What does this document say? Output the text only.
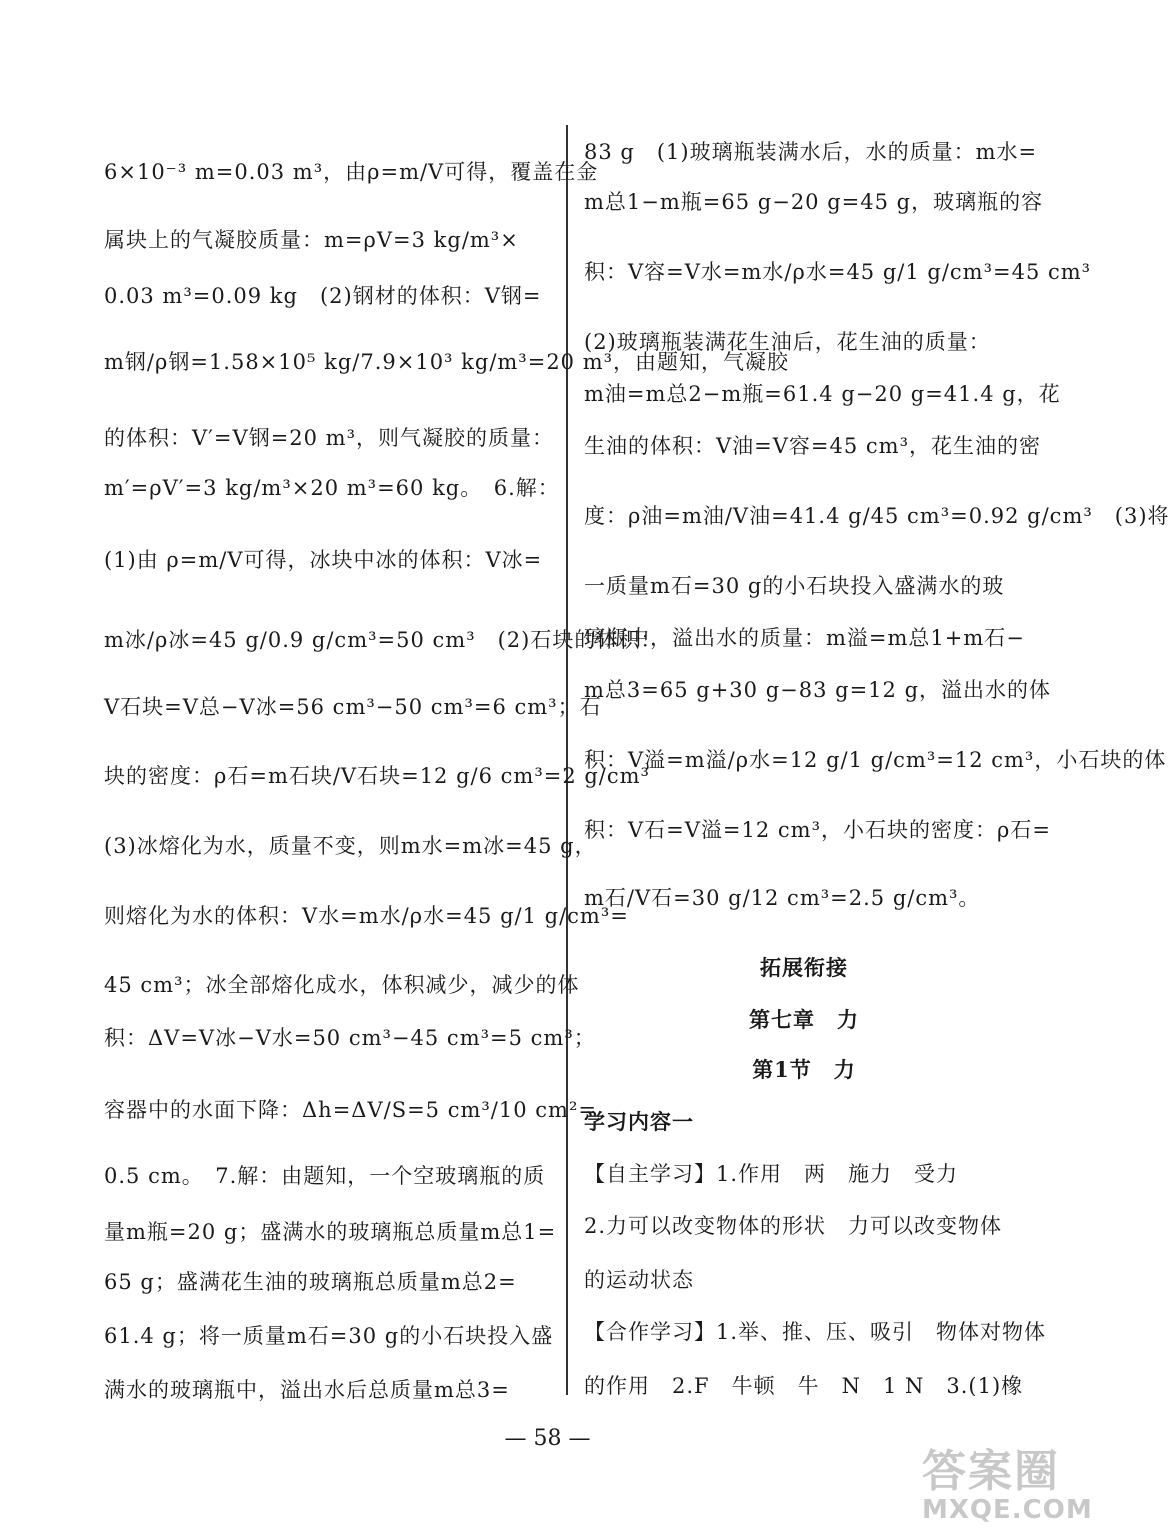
6×10⁻³ m=0.03 m³，由ρ=m/V可得，覆盖在金
属块上的气凝胶质量：m=ρV=3 kg/m³×
0.03 m³=0.09 kg　(2)钢材的体积：V钢=
m钢/ρ钢=1.58×10⁵ kg/7.9×10³ kg/m³=20 m³，由题知，气凝胶
的体积：V′=V钢=20 m³，则气凝胶的质量：
m′=ρV′=3 kg/m³×20 m³=60 kg。　6.解：
(1)由 ρ=m/V可得，冰块中冰的体积：V冰=
m冰/ρ冰=45 g/0.9 g/cm³=50 cm³　(2)石块的体积：
V石块=V总−V冰=56 cm³−50 cm³=6 cm³；石
块的密度：ρ石=m石块/V石块=12 g/6 cm³=2 g/cm³
(3)冰熔化为水，质量不变，则m水=m冰=45 g，
则熔化为水的体积：V水=m水/ρ水=45 g/1 g/cm³=
45 cm³；冰全部熔化成水，体积减少，减少的体
积：ΔV=V冰−V水=50 cm³−45 cm³=5 cm³；
容器中的水面下降：Δh=ΔV/S=5 cm³/10 cm²=
0.5 cm。　7.解：由题知，一个空玻璃瓶的质
量m瓶=20 g；盛满水的玻璃瓶总质量m总1=
65 g；盛满花生油的玻璃瓶总质量m总2=
61.4 g；将一质量m石=30 g的小石块投入盛
满水的玻璃瓶中，溢出水后总质量m总3=
83 g　(1)玻璃瓶装满水后，水的质量：m水=
m总1−m瓶=65 g−20 g=45 g，玻璃瓶的容
积：V容=V水=m水/ρ水=45 g/1 g/cm³=45 cm³
(2)玻璃瓶装满花生油后，花生油的质量：
m油=m总2−m瓶=61.4 g−20 g=41.4 g，花
生油的体积：V油=V容=45 cm³，花生油的密
度：ρ油=m油/V油=41.4 g/45 cm³=0.92 g/cm³　(3)将
一质量m石=30 g的小石块投入盛满水的玻
璃瓶中，溢出水的质量：m溢=m总1+m石−
m总3=65 g+30 g−83 g=12 g，溢出水的体
积：V溢=m溢/ρ水=12 g/1 g/cm³=12 cm³，小石块的体
积：V石=V溢=12 cm³，小石块的密度：ρ石=
m石/V石=30 g/12 cm³=2.5 g/cm³。
拓展衔接
第七章　力
第1节　力
学习内容一
【自主学习】1.作用　两　施力　受力
2.力可以改变物体的形状　力可以改变物体
的运动状态
【合作学习】1.举、推、压、吸引　物体对物体
的作用　2.F　牛顿　牛　N　1 N　3.(1)橡
— 58 —
答案圈
MXQE.COM
